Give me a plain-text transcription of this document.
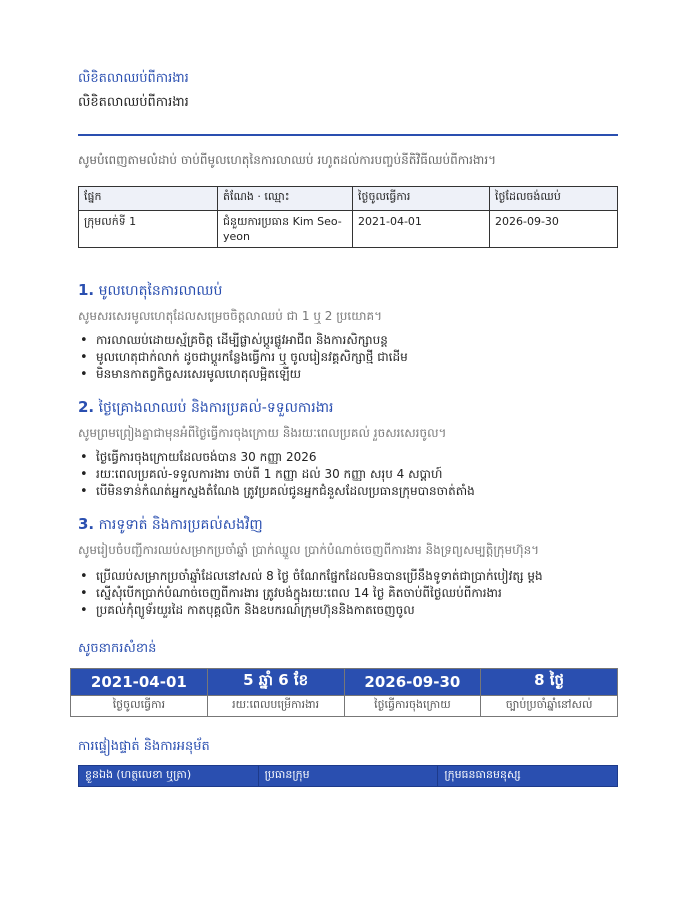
លិខិតលាឈប់ពីការងារ
លិខិតលាឈប់ពីការងារ
សូមបំពេញតាមលំដាប់ ចាប់ពីមូលហេតុនៃការលាឈប់ រហូតដល់ការបញ្ចប់នីតិវិធីឈប់ពីការងារ។
ផ្នែក	តំណែង · ឈ្មោះ	ថ្ងៃចូលធ្វើការ	ថ្ងៃដែលចង់ឈប់
ក្រុមលក់ទី 1	ជំនួយការប្រធាន Kim Seo-yeon	2021-04-01	2026-09-30
1. មូលហេតុនៃការលាឈប់
សូមសរសេរមូលហេតុដែលសម្រេចចិត្តលាឈប់ ជា 1 ឬ 2 ប្រយោគ។
• ការលាឈប់ដោយស្ម័គ្រចិត្ត ដើម្បីផ្លាស់ប្តូរផ្លូវអាជីព និងការសិក្សាបន្ត
• មូលហេតុជាក់លាក់ ដូចជាប្តូរកន្លែងធ្វើការ ឬ ចូលរៀនវគ្គសិក្សាថ្មី ជាដើម
• មិនមានកាតព្វកិច្ចសរសេរមូលហេតុលម្អិតឡើយ
2. ថ្ងៃគ្រោងលាឈប់ និងការប្រគល់-ទទួលការងារ
សូមព្រមព្រៀងគ្នាជាមុនអំពីថ្ងៃធ្វើការចុងក្រោយ និងរយៈពេលប្រគល់ រួចសរសេរចូល។
• ថ្ងៃធ្វើការចុងក្រោយដែលចង់បាន 30 កញ្ញា 2026
• រយៈពេលប្រគល់-ទទួលការងារ ចាប់ពី 1 កញ្ញា ដល់ 30 កញ្ញា សរុប 4 សប្តាហ៍
• បើមិនទាន់កំណត់អ្នកស្នងតំណែង ត្រូវប្រគល់ជូនអ្នកជំនួសដែលប្រធានក្រុមបានចាត់តាំង
3. ការទូទាត់ និងការប្រគល់សងវិញ
សូមរៀបចំបញ្ជីការឈប់សម្រាកប្រចាំឆ្នាំ ប្រាក់ឈ្នួល ប្រាក់បំណាច់ចេញពីការងារ និងទ្រព្យសម្បត្តិក្រុមហ៊ុន។
• ប្រើឈប់សម្រាកប្រចាំឆ្នាំដែលនៅសល់ 8 ថ្ងៃ ចំណែកផ្នែកដែលមិនបានប្រើនឹងទូទាត់ជាប្រាក់បៀវត្ស ម្ដង
• ស្នើសុំបើកប្រាក់បំណាច់ចេញពីការងារ ត្រូវបង់ក្នុងរយៈពេល 14 ថ្ងៃ គិតចាប់ពីថ្ងៃឈប់ពីការងារ
• ប្រគល់កុំព្យូទ័រយួរដៃ កាតបុគ្គលិក និងឧបករណ៍ក្រុមហ៊ុននិងកាតចេញចូល
សូចនាករសំខាន់
2021-04-01	5 ឆ្នាំ 6 ខែ	2026-09-30	8 ថ្ងៃ
ថ្ងៃចូលធ្វើការ	រយៈពេលបម្រើការងារ	ថ្ងៃធ្វើការចុងក្រោយ	ច្បាប់ប្រចាំឆ្នាំនៅសល់
ការផ្ទៀងផ្ទាត់ និងការអនុម័ត
ខ្លួនឯង (ហត្ថលេខា ឬត្រា)	ប្រធានក្រុម	ក្រុមធនធានមនុស្ស
